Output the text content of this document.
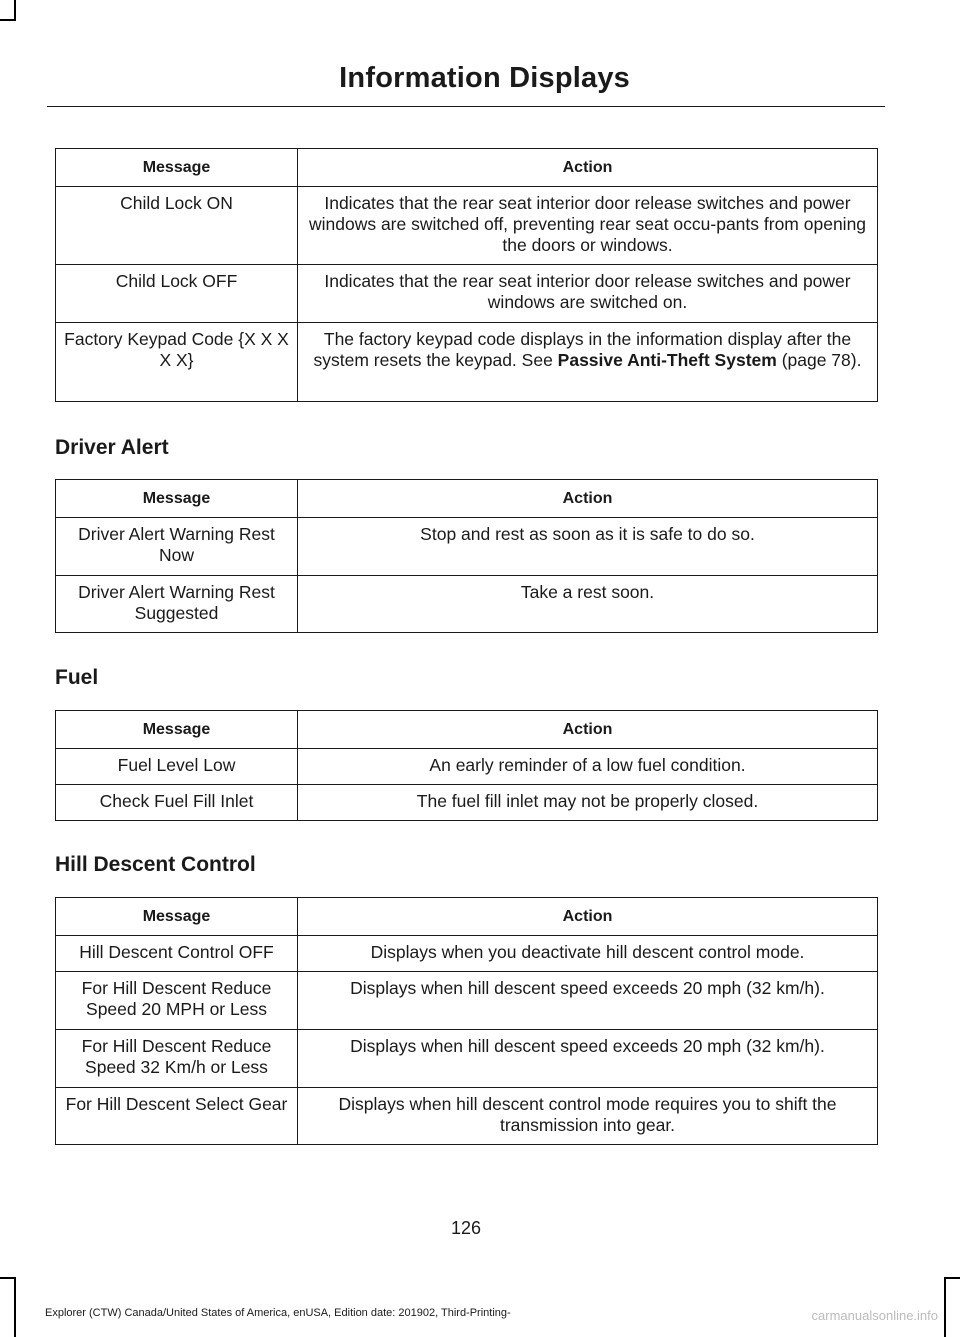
Information Displays
Message	Action
Child Lock ON	Indicates that the rear seat interior door release switches and power windows are switched off, preventing rear seat occu-pants from opening the doors or windows.
Child Lock OFF	Indicates that the rear seat interior door release switches and power windows are switched on.
Factory Keypad Code {X X X X X}	The factory keypad code displays in the information display after the system resets the keypad. See Passive Anti-Theft System (page 78).
Driver Alert
Message	Action
Driver Alert Warning Rest Now	Stop and rest as soon as it is safe to do so.
Driver Alert Warning Rest Suggested	Take a rest soon.
Fuel
Message	Action
Fuel Level Low	An early reminder of a low fuel condition.
Check Fuel Fill Inlet	The fuel fill inlet may not be properly closed.
Hill Descent Control
Message	Action
Hill Descent Control OFF	Displays when you deactivate hill descent control mode.
For Hill Descent Reduce Speed 20 MPH or Less	Displays when hill descent speed exceeds 20 mph (32 km/h).
For Hill Descent Reduce Speed 32 Km/h or Less	Displays when hill descent speed exceeds 20 mph (32 km/h).
For Hill Descent Select Gear	Displays when hill descent control mode requires you to shift the transmission into gear.
126
Explorer (CTW) Canada/United States of America, enUSA, Edition date: 201902, Third-Printing-	carmanualsonline.info
